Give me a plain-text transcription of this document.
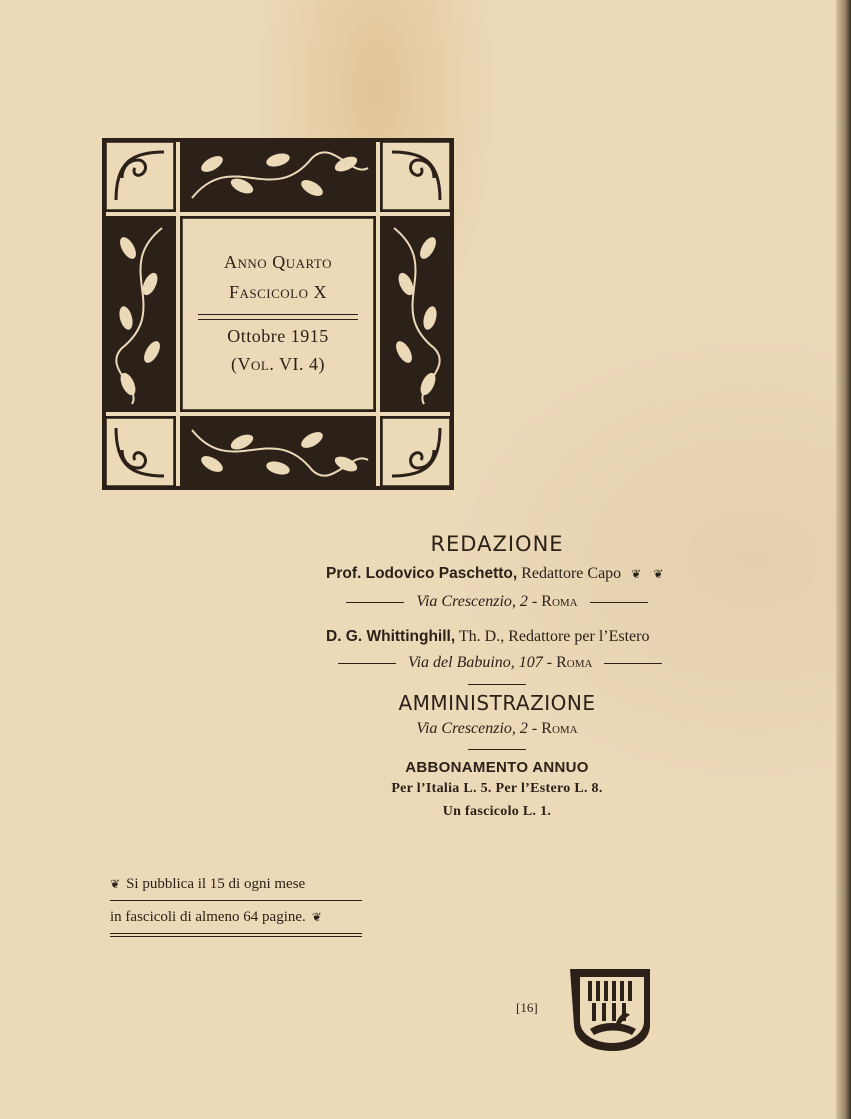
Anno Quarto
Fascicolo X
Ottobre 1915
(Vol. VI. 4)
REDAZIONE
Prof. Lodovico Paschetto, Redattore Capo ❦ ❦
Via Crescenzio, 2 - Roma
D. G. Whittinghill, Th. D., Redattore per l’Estero
Via del Babuino, 107 - Roma
AMMINISTRAZIONE
Via Crescenzio, 2 - Roma
ABBONAMENTO ANNUO
Per l’Italia L. 5. Per l’Estero L. 8.
Un fascicolo L. 1.
❦ Si pubblica il 15 di ogni mese
in fascicoli di almeno 64 pagine. ❦
[16]
